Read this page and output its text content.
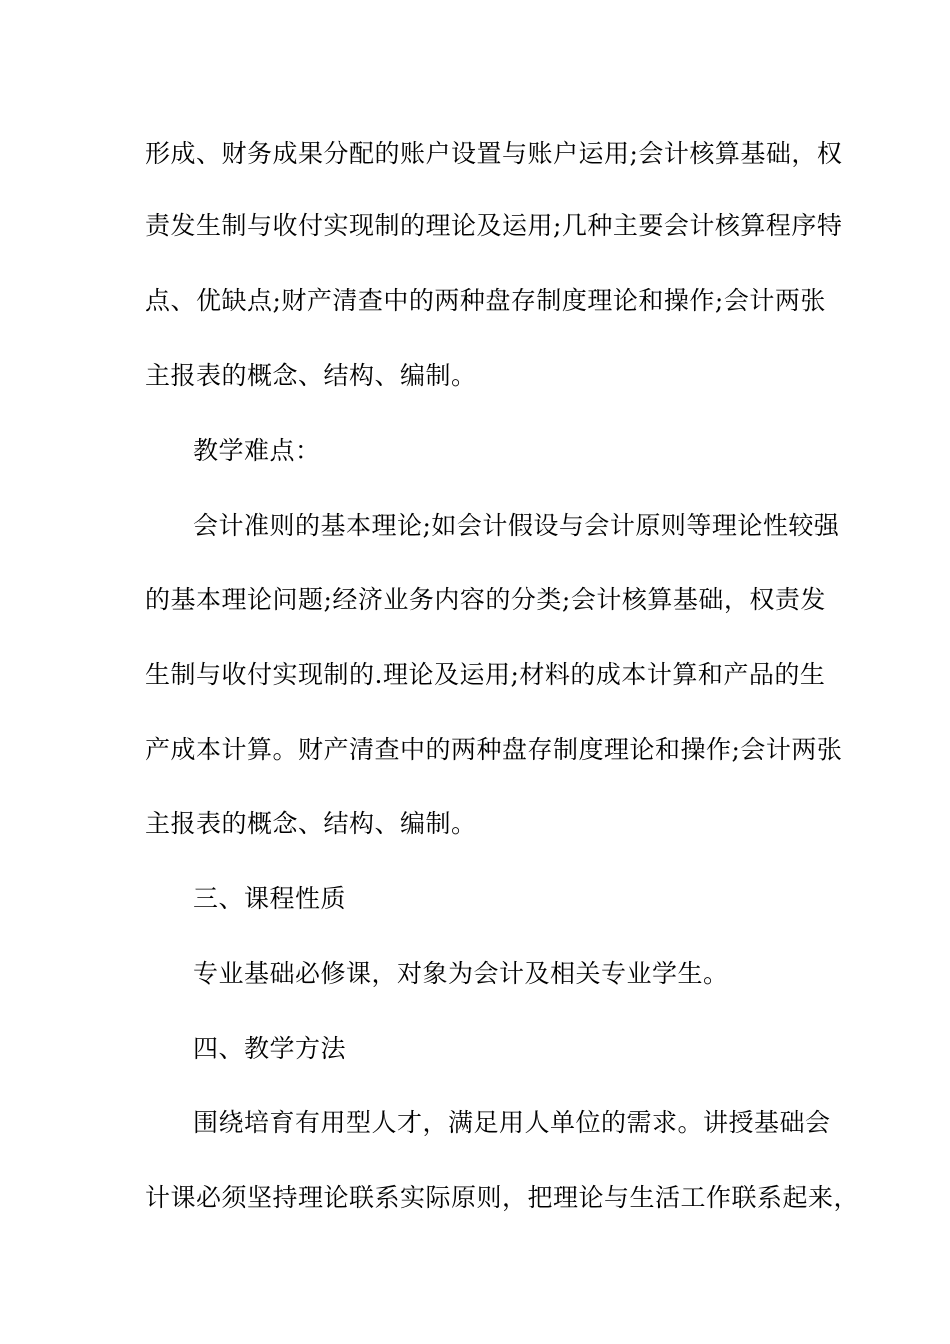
形成、财务成果分配的账户设置与账户运用;会计核算基础，权
责发生制与收付实现制的理论及运用;几种主要会计核算程序特
点、优缺点;财产清查中的两种盘存制度理论和操作;会计两张
主报表的概念、结构、编制。
教学难点：
会计准则的基本理论;如会计假设与会计原则等理论性较强
的基本理论问题;经济业务内容的分类;会计核算基础，权责发
生制与收付实现制的.理论及运用;材料的成本计算和产品的生
产成本计算。财产清查中的两种盘存制度理论和操作;会计两张
主报表的概念、结构、编制。
三、课程性质
专业基础必修课，对象为会计及相关专业学生。
四、教学方法
围绕培育有用型人才，满足用人单位的需求。讲授基础会
计课必须坚持理论联系实际原则，把理论与生活工作联系起来，
